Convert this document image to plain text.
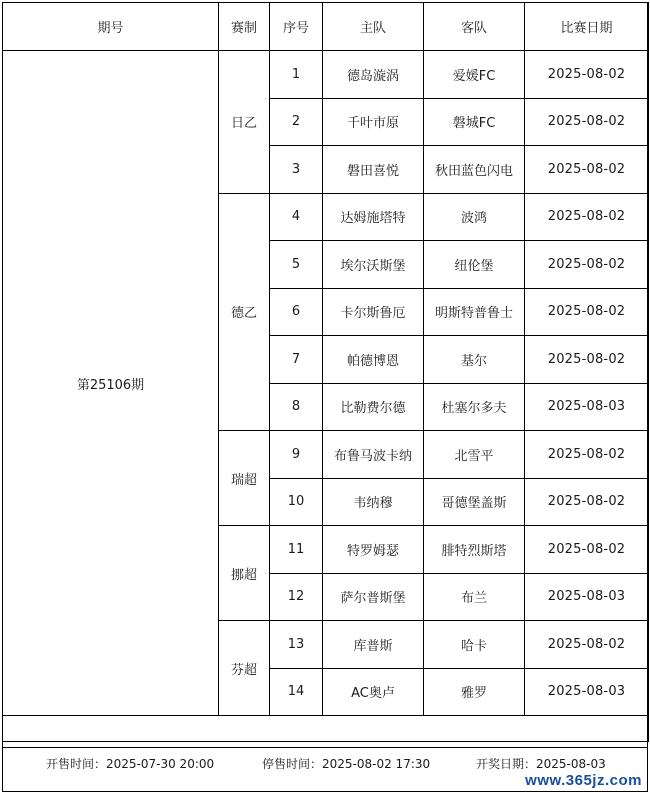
期号	赛制	序号	主队	客队	比赛日期
第25106期	日乙	1	德岛漩涡	爱媛FC	2025-08-02
		2	千叶市原	磐城FC	2025-08-02
		3	磐田喜悦	秋田蓝色闪电	2025-08-02
	德乙	4	达姆施塔特	波鸿	2025-08-02
		5	埃尔沃斯堡	纽伦堡	2025-08-02
		6	卡尔斯鲁厄	明斯特普鲁士	2025-08-02
		7	帕德博恩	基尔	2025-08-02
		8	比勒费尔德	杜塞尔多夫	2025-08-03
	瑞超	9	布鲁马波卡纳	北雪平	2025-08-02
		10	韦纳穆	哥德堡盖斯	2025-08-02
	挪超	11	特罗姆瑟	腓特烈斯塔	2025-08-02
		12	萨尔普斯堡	布兰	2025-08-03
	芬超	13	库普斯	哈卡	2025-08-02
		14	AC奥卢	雅罗	2025-08-03

开售时间：2025-07-30 20:00	停售时间：2025-08-02 17:30	开奖日期：2025-08-03
www.365jz.com
